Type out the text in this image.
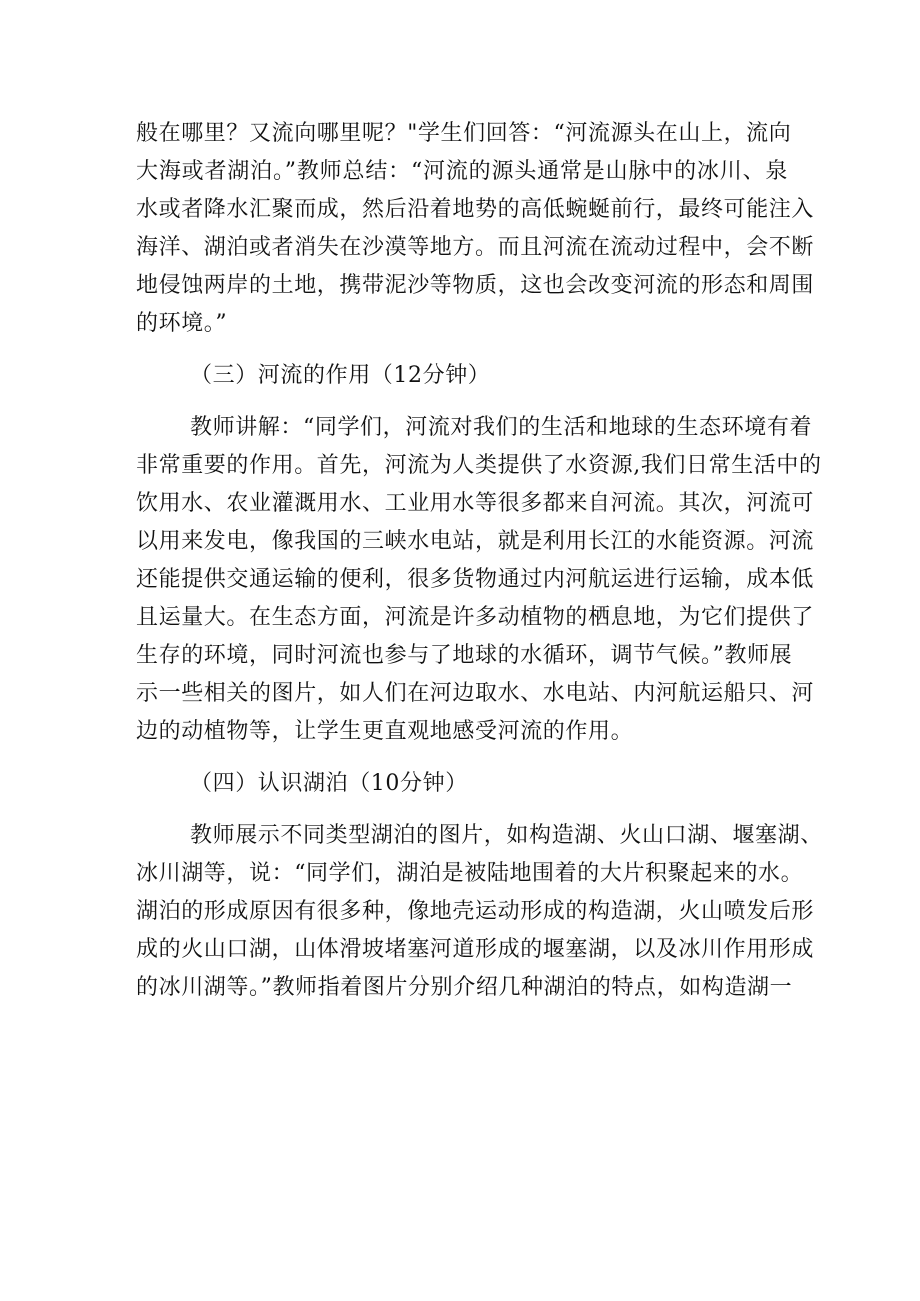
般在哪里？又流向哪里呢？"学生们回答：“河流源头在山上，流向
大海或者湖泊。”教师总结：“河流的源头通常是山脉中的冰川、泉
水或者降水汇聚而成，然后沿着地势的高低蜿蜒前行，最终可能注入
海洋、湖泊或者消失在沙漠等地方。而且河流在流动过程中，会不断
地侵蚀两岸的土地，携带泥沙等物质，这也会改变河流的形态和周围
的环境。”
（三）河流的作用（12分钟）
教师讲解：“同学们，河流对我们的生活和地球的生态环境有着
非常重要的作用。首先，河流为人类提供了水资源,我们日常生活中的
饮用水、农业灌溉用水、工业用水等很多都来自河流。其次，河流可
以用来发电，像我国的三峡水电站，就是利用长江的水能资源。河流
还能提供交通运输的便利，很多货物通过内河航运进行运输，成本低
且运量大。在生态方面，河流是许多动植物的栖息地，为它们提供了
生存的环境，同时河流也参与了地球的水循环，调节气候。”教师展
示一些相关的图片，如人们在河边取水、水电站、内河航运船只、河
边的动植物等，让学生更直观地感受河流的作用。
（四）认识湖泊（10分钟）
教师展示不同类型湖泊的图片，如构造湖、火山口湖、堰塞湖、
冰川湖等，说：“同学们，湖泊是被陆地围着的大片积聚起来的水。
湖泊的形成原因有很多种，像地壳运动形成的构造湖，火山喷发后形
成的火山口湖，山体滑坡堵塞河道形成的堰塞湖，以及冰川作用形成
的冰川湖等。”教师指着图片分别介绍几种湖泊的特点，如构造湖一
